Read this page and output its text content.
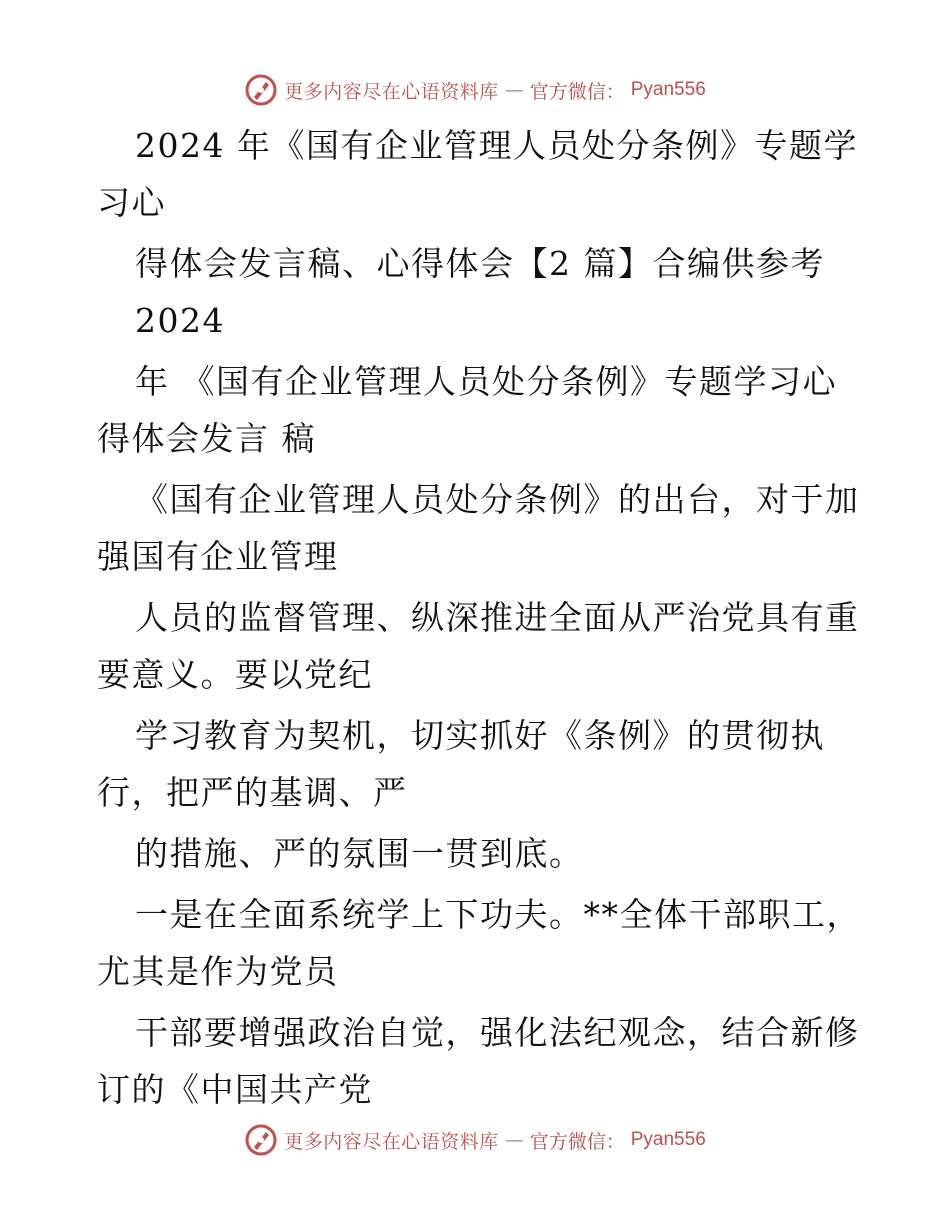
更多内容尽在心语资料库 — 官方微信： Pyan556
2024 年《国有企业管理人员处分条例》专题学
习心
得体会发言稿、心得体会【2 篇】合编供参考
2024
年 《国有企业管理人员处分条例》专题学习心
得体会发言 稿
《国有企业管理人员处分条例》的出台，对于加
强国有企业管理
人员的监督管理、纵深推进全面从严治党具有重
要意义。要以党纪
学习教育为契机，切实抓好《条例》的贯彻执
行，把严的基调、严
的措施、严的氛围一贯到底。
一是在全面系统学上下功夫。**全体干部职工，
尤其是作为党员
干部要增强政治自觉，强化法纪观念，结合新修
订的《中国共产党
更多内容尽在心语资料库 — 官方微信： Pyan556
